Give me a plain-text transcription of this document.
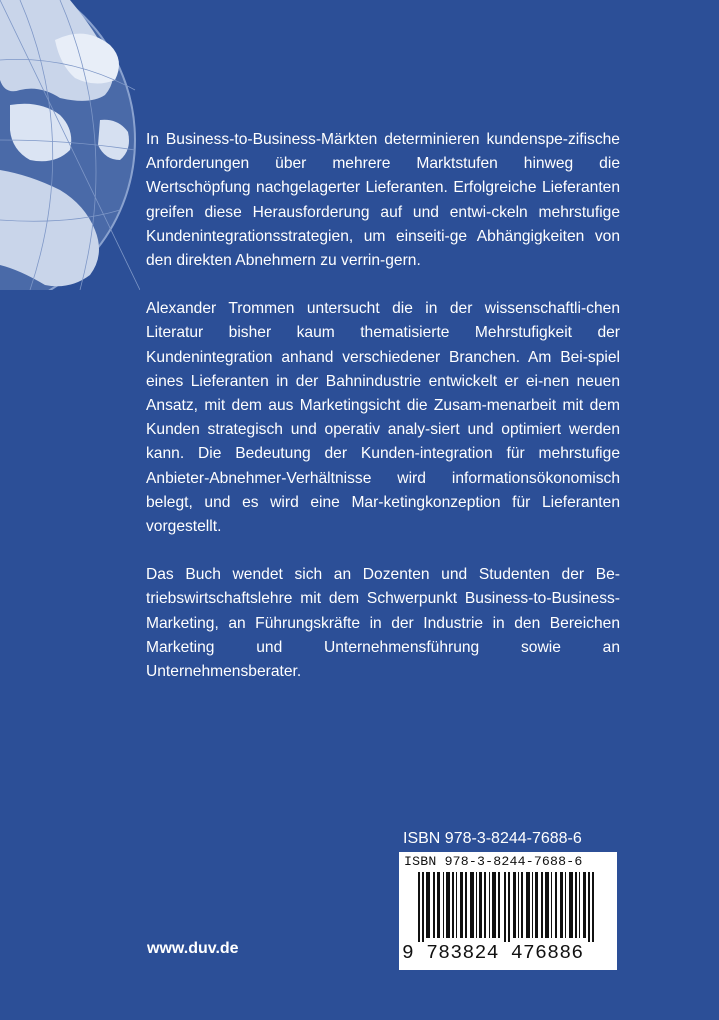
In Business-to-Business-Märkten determinieren kundenspe-zifische Anforderungen über mehrere Marktstufen hinweg die Wertschöpfung nachgelagerter Lieferanten. Erfolgreiche Lieferanten greifen diese Herausforderung auf und entwi-ckeln mehrstufige Kundenintegrationsstrategien, um einseiti-ge Abhängigkeiten von den direkten Abnehmern zu verrin-gern.

Alexander Trommen untersucht die in der wissenschaftli-chen Literatur bisher kaum thematisierte Mehrstufigkeit der Kundenintegration anhand verschiedener Branchen. Am Bei-spiel eines Lieferanten in der Bahnindustrie entwickelt er ei-nen neuen Ansatz, mit dem aus Marketingsicht die Zusam-menarbeit mit dem Kunden strategisch und operativ analy-siert und optimiert werden kann. Die Bedeutung der Kunden-integration für mehrstufige Anbieter-Abnehmer-Verhältnisse wird informationsökonomisch belegt, und es wird eine Mar-ketingkonzeption für Lieferanten vorgestellt.

Das Buch wendet sich an Dozenten und Studenten der Be-triebswirtschaftslehre mit dem Schwerpunkt Business-to-Business-Marketing, an Führungskräfte in der Industrie in den Bereichen Marketing und Unternehmensführung sowie an Unternehmensberater.

ISBN 978-3-8244-7688-6
ISBN 978-3-8244-7688-6
9 783824 476886
www.duv.de
